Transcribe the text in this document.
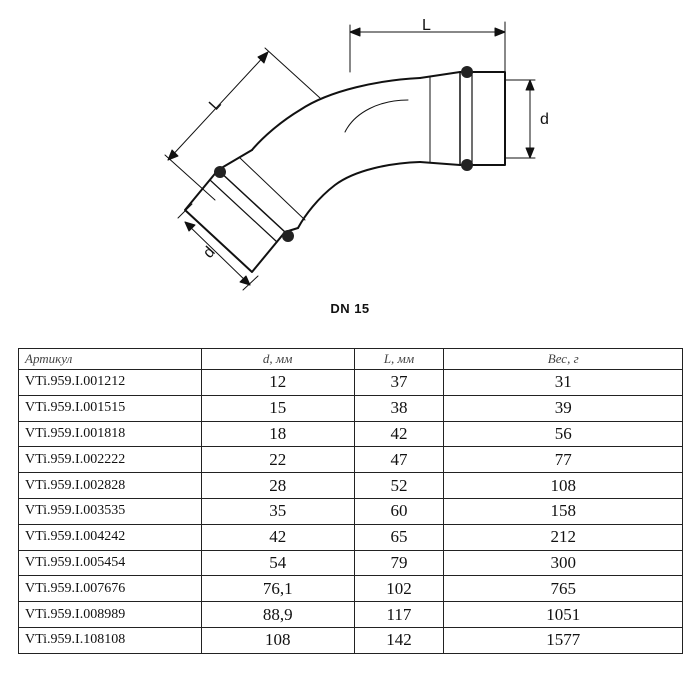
L
d
L
d
DN 15
Артикул	d, мм	L, мм	Вес, г
VTi.959.I.001212	12	37	31
VTi.959.I.001515	15	38	39
VTi.959.I.001818	18	42	56
VTi.959.I.002222	22	47	77
VTi.959.I.002828	28	52	108
VTi.959.I.003535	35	60	158
VTi.959.I.004242	42	65	212
VTi.959.I.005454	54	79	300
VTi.959.I.007676	76,1	102	765
VTi.959.I.008989	88,9	117	1051
VTi.959.I.108108	108	142	1577
